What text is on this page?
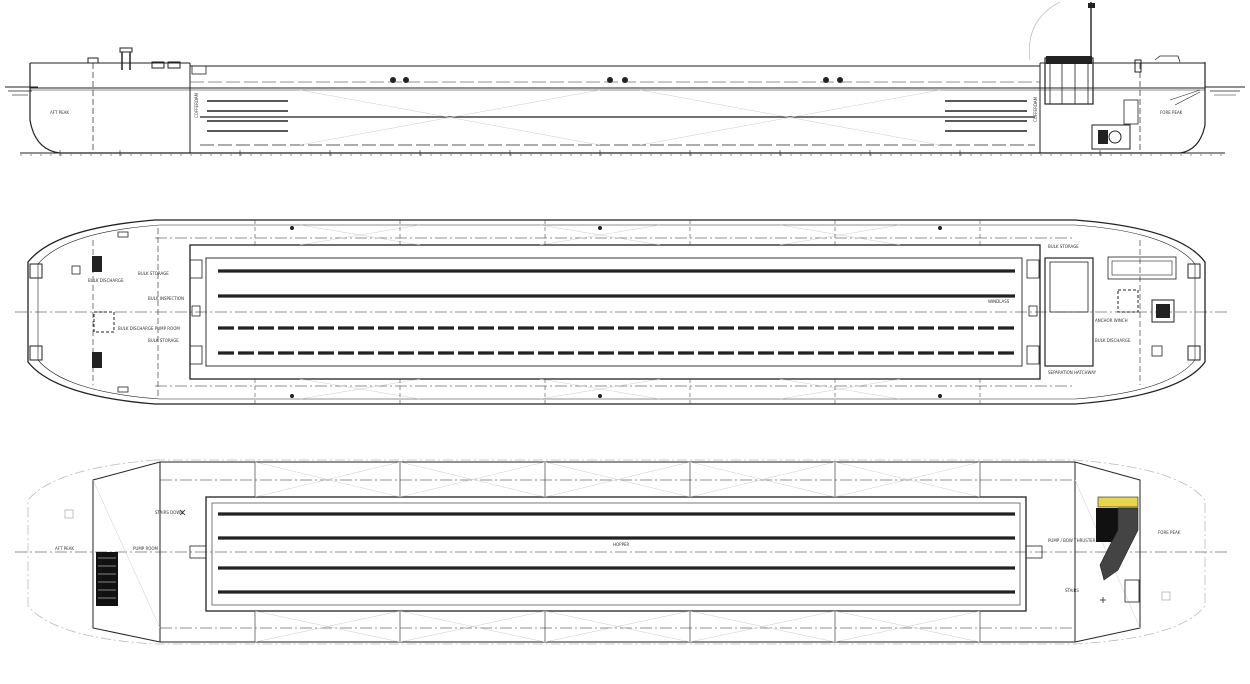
AFT PEAK	FORE PEAK
COFFERDAM	COFFERDAM
BULK STORAGE
BULK DISCHARGE
BULK INSPECTION
BULK DISCHARGE PUMP ROOM
BULK STORAGE
BULK STORAGE
WINDLASS
ANCHOR WINCH
BULK DISCHARGE
SEPARATION HATCHWAY
AFT PEAK	PUMP ROOM
HOPPER
FORE PEAK
PUMP / BOW THRUSTER
STAIRS
STAIRS DOWN
